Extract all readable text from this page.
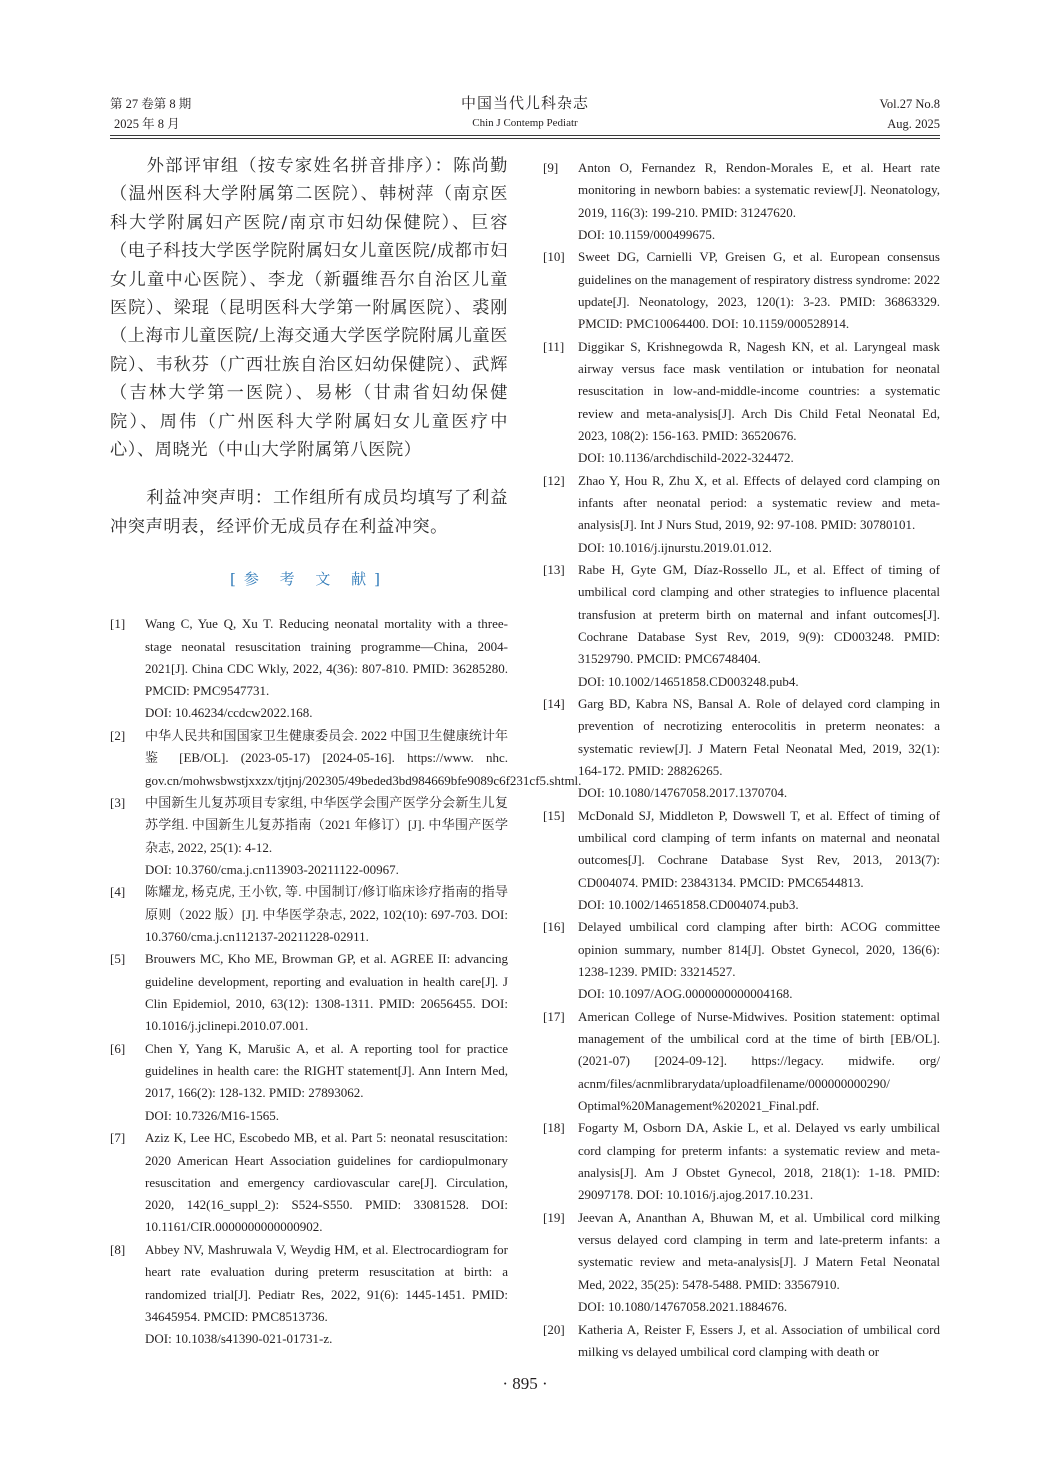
第 27 卷第 8 期
2025 年 8 月
中国当代儿科杂志
Chin J Contemp Pediatr
Vol.27 No.8
Aug. 2025

外部评审组（按专家姓名拼音排序）：陈尚勤（温州医科大学附属第二医院）、韩树萍（南京医科大学附属妇产医院/南京市妇幼保健院）、巨容（电子科技大学医学院附属妇女儿童医院/成都市妇女儿童中心医院）、李龙（新疆维吾尔自治区儿童医院）、梁琨（昆明医科大学第一附属医院）、裘刚（上海市儿童医院/上海交通大学医学院附属儿童医院）、韦秋芬（广西壮族自治区妇幼保健院）、武辉（吉林大学第一医院）、易彬（甘肃省妇幼保健院）、周伟（广州医科大学附属妇女儿童医疗中心）、周晓光（中山大学附属第八医院）

利益冲突声明：工作组所有成员均填写了利益冲突声明表，经评价无成员存在利益冲突。

[参 考 文 献]
[1] Wang C, Yue Q, Xu T. Reducing neonatal mortality with a three-stage neonatal resuscitation training programme—China, 2004-2021[J]. China CDC Wkly, 2022, 4(36): 807-810. PMID: 36285280. PMCID: PMC9547731.
DOI: 10.46234/ccdcw2022.168.
[2] 中华人民共和国国家卫生健康委员会. 2022 中国卫生健康统计年鉴 [EB/OL]. (2023-05-17) [2024-05-16]. https://www. nhc. gov.cn/mohwsbwstjxxzx/tjtjnj/202305/49beded3bd984669bfe9089c6f231cf5.shtml.
[3] 中国新生儿复苏项目专家组, 中华医学会围产医学分会新生儿复苏学组. 中国新生儿复苏指南（2021 年修订）[J]. 中华围产医学杂志, 2022, 25(1): 4-12.
DOI: 10.3760/cma.j.cn113903-20211122-00967.
[4] 陈耀龙, 杨克虎, 王小钦, 等. 中国制订/修订临床诊疗指南的指导原则（2022 版）[J]. 中华医学杂志, 2022, 102(10): 697-703. DOI: 10.3760/cma.j.cn112137-20211228-02911.
[5] Brouwers MC, Kho ME, Browman GP, et al. AGREE II: advancing guideline development, reporting and evaluation in health care[J]. J Clin Epidemiol, 2010, 63(12): 1308-1311. PMID: 20656455. DOI: 10.1016/j.jclinepi.2010.07.001.
[6] Chen Y, Yang K, Marušic A, et al. A reporting tool for practice guidelines in health care: the RIGHT statement[J]. Ann Intern Med, 2017, 166(2): 128-132. PMID: 27893062.
DOI: 10.7326/M16-1565.
[7] Aziz K, Lee HC, Escobedo MB, et al. Part 5: neonatal resuscitation: 2020 American Heart Association guidelines for cardiopulmonary resuscitation and emergency cardiovascular care[J]. Circulation, 2020, 142(16_suppl_2): S524-S550. PMID: 33081528. DOI: 10.1161/CIR.0000000000000902.
[8] Abbey NV, Mashruwala V, Weydig HM, et al. Electrocardiogram for heart rate evaluation during preterm resuscitation at birth: a randomized trial[J]. Pediatr Res, 2022, 91(6): 1445-1451. PMID: 34645954. PMCID: PMC8513736.
DOI: 10.1038/s41390-021-01731-z.
[9] Anton O, Fernandez R, Rendon-Morales E, et al. Heart rate monitoring in newborn babies: a systematic review[J]. Neonatology, 2019, 116(3): 199-210. PMID: 31247620.
DOI: 10.1159/000499675.
[10] Sweet DG, Carnielli VP, Greisen G, et al. European consensus guidelines on the management of respiratory distress syndrome: 2022 update[J]. Neonatology, 2023, 120(1): 3-23. PMID: 36863329. PMCID: PMC10064400. DOI: 10.1159/000528914.
[11] Diggikar S, Krishnegowda R, Nagesh KN, et al. Laryngeal mask airway versus face mask ventilation or intubation for neonatal resuscitation in low-and-middle-income countries: a systematic review and meta-analysis[J]. Arch Dis Child Fetal Neonatal Ed, 2023, 108(2): 156-163. PMID: 36520676.
DOI: 10.1136/archdischild-2022-324472.
[12] Zhao Y, Hou R, Zhu X, et al. Effects of delayed cord clamping on infants after neonatal period: a systematic review and meta-analysis[J]. Int J Nurs Stud, 2019, 92: 97-108. PMID: 30780101.
DOI: 10.1016/j.ijnurstu.2019.01.012.
[13] Rabe H, Gyte GM, Díaz-Rossello JL, et al. Effect of timing of umbilical cord clamping and other strategies to influence placental transfusion at preterm birth on maternal and infant outcomes[J]. Cochrane Database Syst Rev, 2019, 9(9): CD003248. PMID: 31529790. PMCID: PMC6748404.
DOI: 10.1002/14651858.CD003248.pub4.
[14] Garg BD, Kabra NS, Bansal A. Role of delayed cord clamping in prevention of necrotizing enterocolitis in preterm neonates: a systematic review[J]. J Matern Fetal Neonatal Med, 2019, 32(1): 164-172. PMID: 28826265.
DOI: 10.1080/14767058.2017.1370704.
[15] McDonald SJ, Middleton P, Dowswell T, et al. Effect of timing of umbilical cord clamping of term infants on maternal and neonatal outcomes[J]. Cochrane Database Syst Rev, 2013, 2013(7): CD004074. PMID: 23843134. PMCID: PMC6544813.
DOI: 10.1002/14651858.CD004074.pub3.
[16] Delayed umbilical cord clamping after birth: ACOG committee opinion summary, number 814[J]. Obstet Gynecol, 2020, 136(6): 1238-1239. PMID: 33214527.
DOI: 10.1097/AOG.0000000000004168.
[17] American College of Nurse-Midwives. Position statement: optimal management of the umbilical cord at the time of birth [EB/OL]. (2021-07) [2024-09-12]. https://legacy. midwife. org/ acnm/files/acnmlibrarydata/uploadfilename/000000000290/ Optimal%20Management%202021_Final.pdf.
[18] Fogarty M, Osborn DA, Askie L, et al. Delayed vs early umbilical cord clamping for preterm infants: a systematic review and meta-analysis[J]. Am J Obstet Gynecol, 2018, 218(1): 1-18. PMID: 29097178. DOI: 10.1016/j.ajog.2017.10.231.
[19] Jeevan A, Ananthan A, Bhuwan M, et al. Umbilical cord milking versus delayed cord clamping in term and late-preterm infants: a systematic review and meta-analysis[J]. J Matern Fetal Neonatal Med, 2022, 35(25): 5478-5488. PMID: 33567910.
DOI: 10.1080/14767058.2021.1884676.
[20] Katheria A, Reister F, Essers J, et al. Association of umbilical cord milking vs delayed umbilical cord clamping with death or
· 895 ·
